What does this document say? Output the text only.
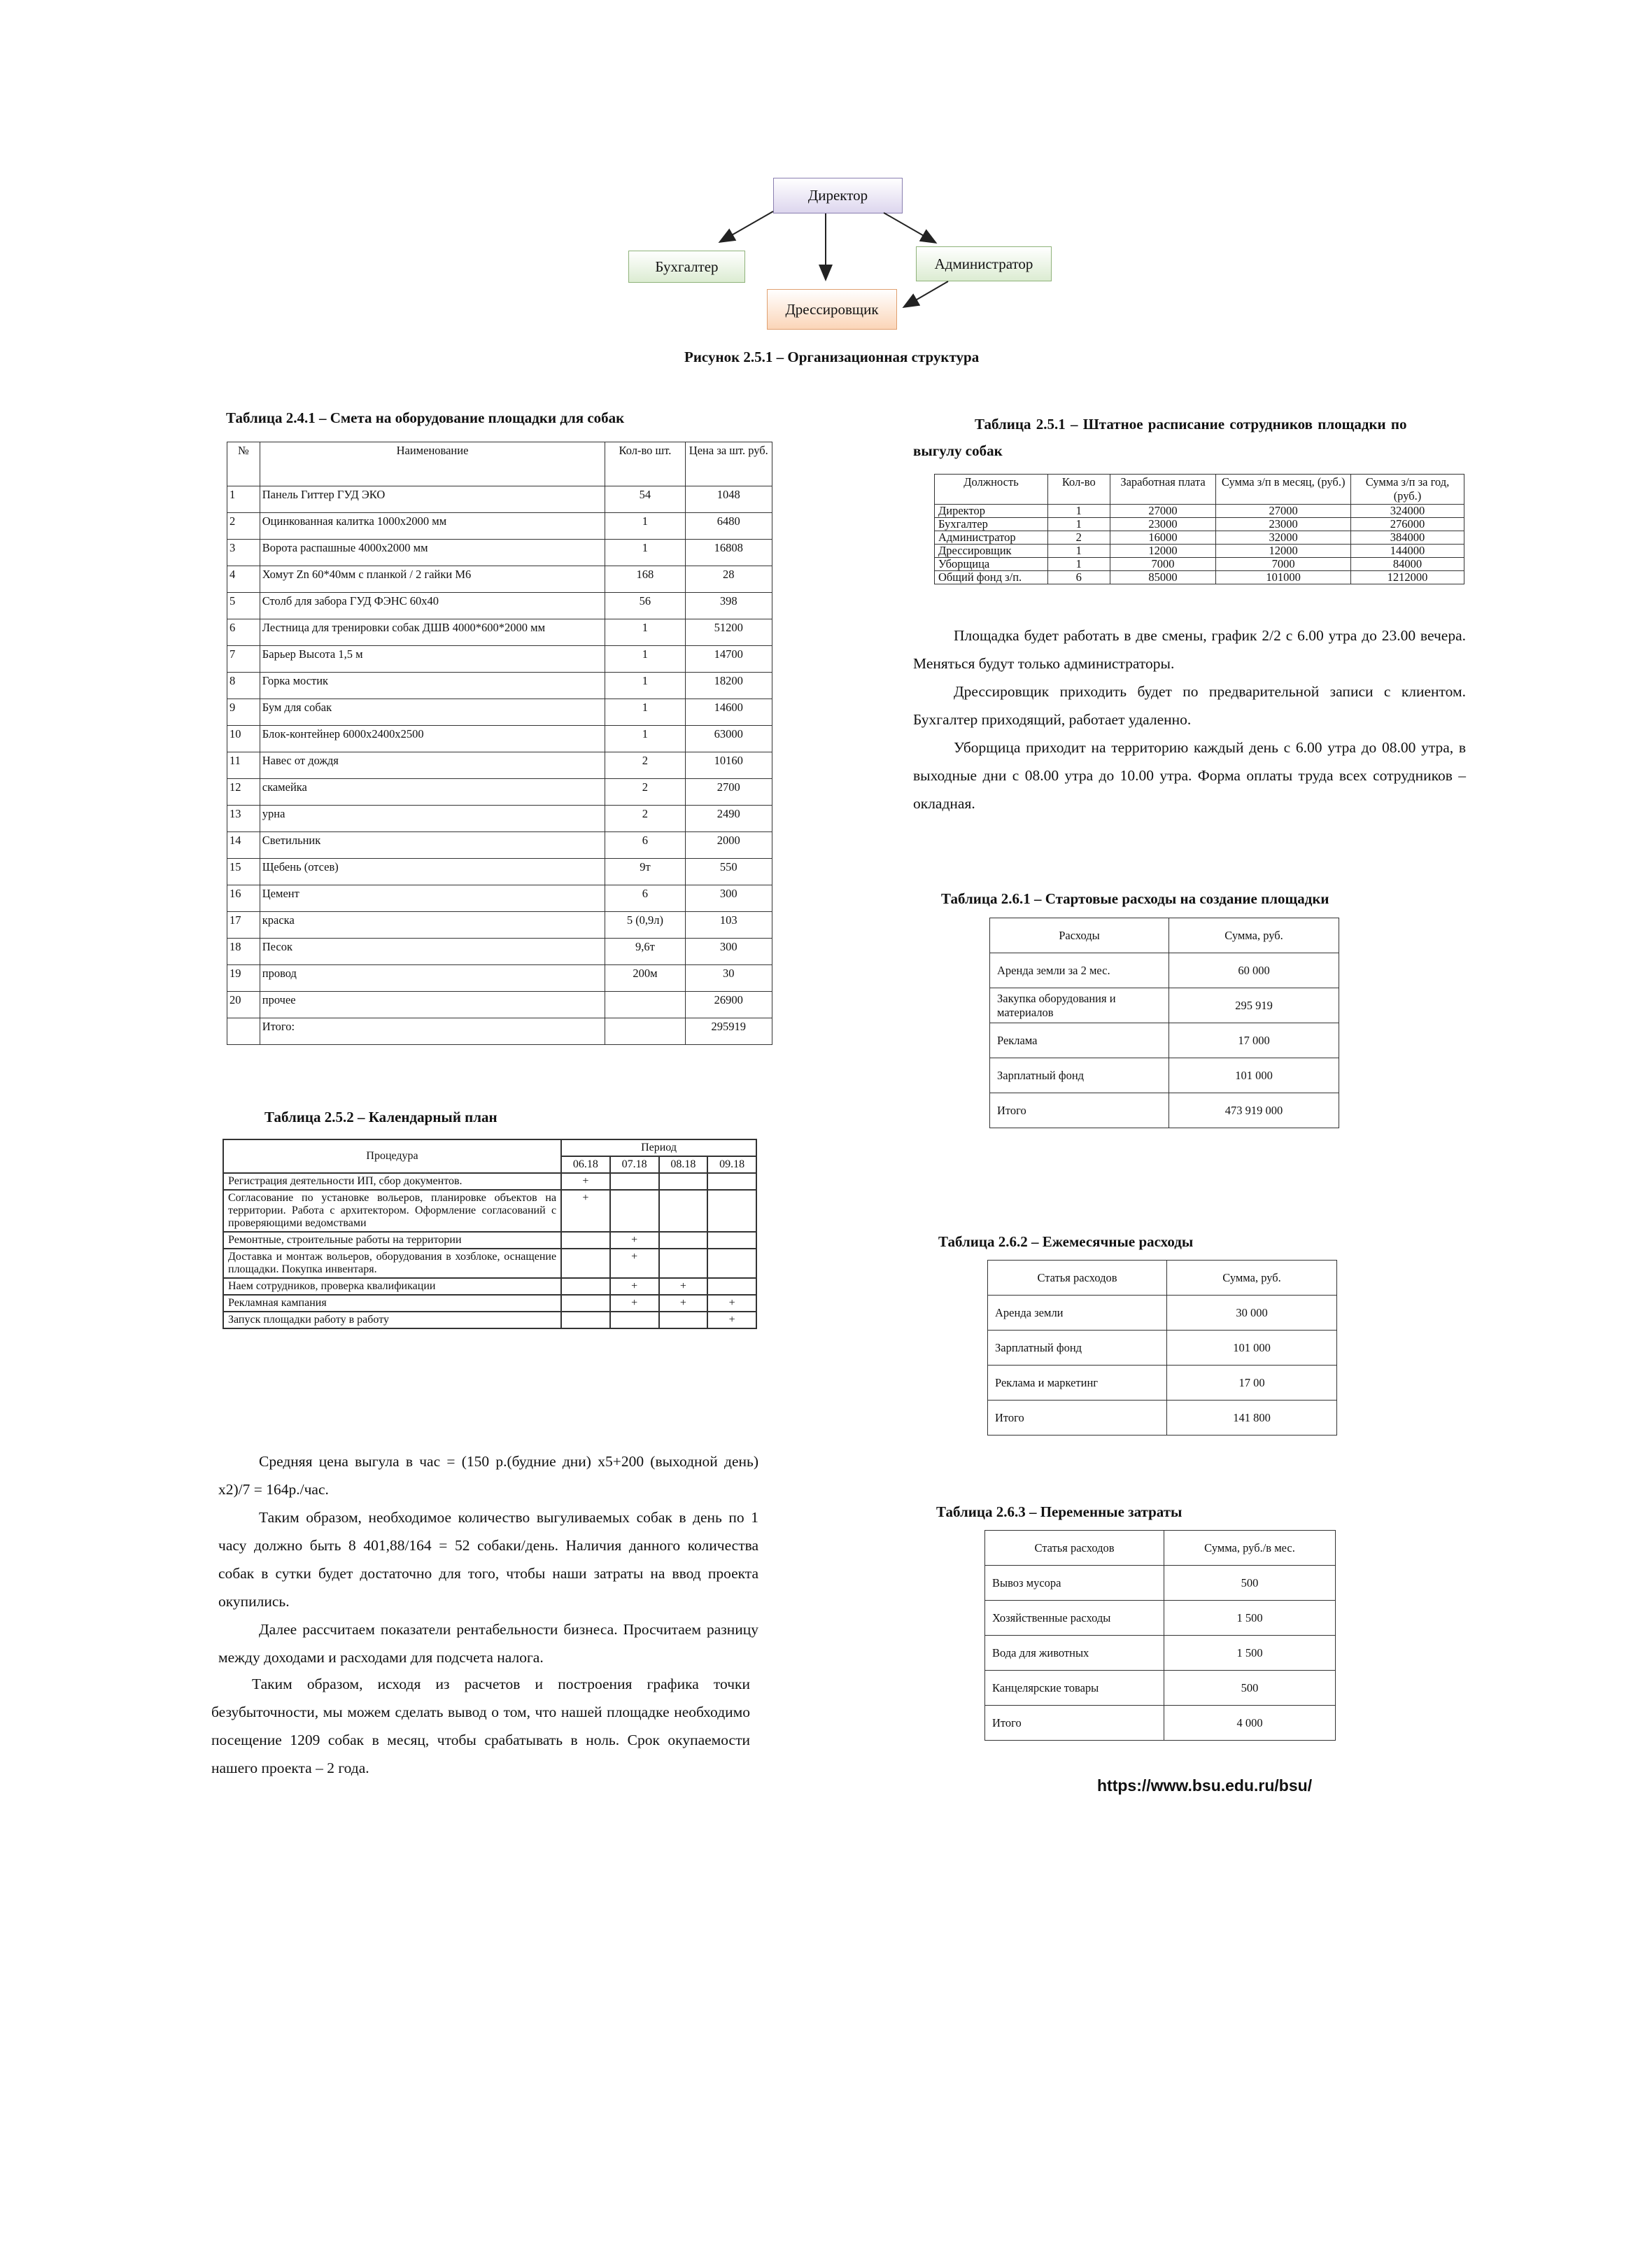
Директор
Бухгалтер	Администратор
Дрессировщик
Рисунок 2.5.1 – Организационная структура
Таблица 2.4.1 – Смета на оборудование площадки для собак
№	Наименование	Кол-во шт.	Цена за шт. руб.
1	Панель Гиттер ГУД ЭКО	54	1048
2	Оцинкованная калитка 1000х2000 мм	1	6480
3	Ворота распашные 4000х2000 мм	1	16808
4	Хомут Zn 60*40мм с планкой / 2 гайки М6	168	28
5	Столб для забора ГУД ФЭНС 60х40	56	398
6	Лестница для тренировки собак ДШВ 4000*600*2000 мм	1	51200
7	Барьер Высота 1,5 м	1	14700
8	Горка мостик	1	18200
9	Бум для собак	1	14600
10	Блок-контейнер 6000х2400х2500	1	63000
11	Навес от дождя	2	10160
12	скамейка	2	2700
13	урна	2	2490
14	Светильник	6	2000
15	Щебень (отсев)	9т	550
16	Цемент	6	300
17	краска	5 (0,9л)	103
18	Песок	9,6т	300
19	провод	200м	30
20	прочее		26900
	Итого:		295919
Таблица 2.5.1 – Штатное расписание сотрудников площадки по
выгулу собак
Должность	Кол-во	Заработная плата	Сумма з/п в месяц, (руб.)	Сумма з/п за год, (руб.)
Директор	1	27000	27000	324000
Бухгалтер	1	23000	23000	276000
Администратор	2	16000	32000	384000
Дрессировщик	1	12000	12000	144000
Уборщица	1	7000	7000	84000
Общий фонд з/п.	6	85000	101000	1212000

Площадка будет работать в две смены, график 2/2 с 6.00 утра до 23.00 вечера. Меняться будут только администраторы.

Дрессировщик приходить будет по предварительной записи с клиентом. Бухгалтер приходящий, работает удаленно.

Уборщица приходит на территорию каждый день с 6.00 утра до 08.00 утра, в выходные дни с 08.00 утра до 10.00 утра. Форма оплаты труда всех сотрудников – окладная.

Таблица 2.5.2 – Календарный план
Процедура	Период			
	06.18	07.18	08.18	09.18
Регистрация деятельности ИП, сбор документов.	+			
Согласование по установке вольеров, планировке объектов на территории. Работа с архитектором. Оформление согласований с проверяющими ведомствами	+			
Ремонтные, строительные работы на территории		+		
Доставка и монтаж вольеров, оборудования в хозблоке, оснащение площадки. Покупка инвентаря.		+		
Наем сотрудников, проверка квалификации		+	+	
Рекламная кампания		+	+	+
Запуск площадки работу в работу				+

Средняя цена выгула в час = (150 р.(будние дни) х5+200 (выходной день) х2)/7 = 164р./час.

Таким образом, необходимое количество выгуливаемых собак в день по 1 часу должно быть 8 401,88/164 = 52 собаки/день. Наличия данного количества собак в сутки будет достаточно для того, чтобы наши затраты на ввод проекта окупились.

Далее рассчитаем показатели рентабельности бизнеса. Просчитаем разницу между доходами и расходами для подсчета налога.

Таким образом, исходя из расчетов и построения графика точки безубыточности, мы можем сделать вывод о том, что нашей площадке необходимо посещение 1209 собак в месяц, чтобы срабатывать в ноль. Срок окупаемости нашего проекта – 2 года.

Таблица 2.6.1 – Стартовые расходы на создание площадки
Расходы	Сумма, руб.
Аренда земли за 2 мес.	60 000
Закупка оборудования и материалов	295 919
Реклама	17 000
Зарплатный фонд	101 000
Итого	473 919 000
Таблица 2.6.2 – Ежемесячные расходы
Статья расходов	Сумма, руб.
Аренда земли	30 000
Зарплатный фонд	101 000
Реклама и маркетинг	17 00
Итого	141 800
Таблица 2.6.3 – Переменные затраты
Статья расходов	Сумма, руб./в мес.
Вывоз мусора	500
Хозяйственные расходы	1 500
Вода для животных	1 500
Канцелярские товары	500
Итого	4 000
https://www.bsu.edu.ru/bsu/
